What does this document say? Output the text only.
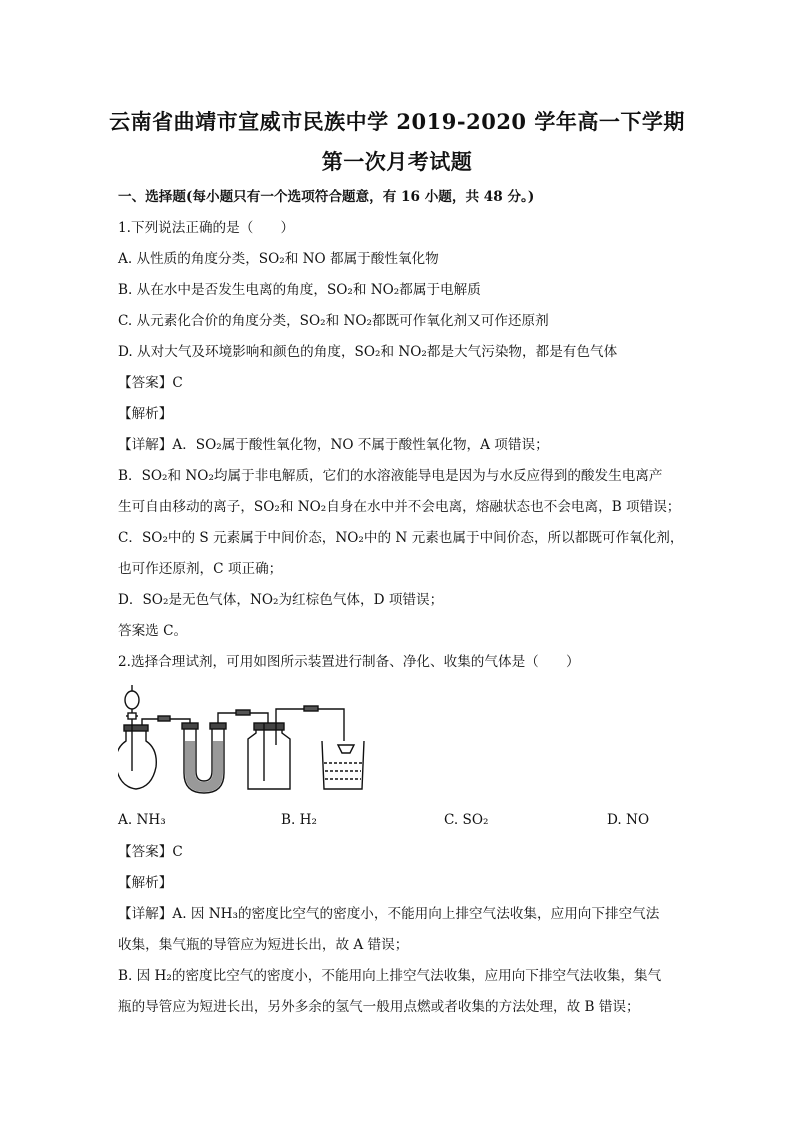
云南省曲靖市宣威市民族中学 2019-2020 学年高一下学期
第一次月考试题
一、选择题(每小题只有一个选项符合题意，有 16 小题，共 48 分。)
1.下列说法正确的是（　　）
A. 从性质的角度分类，SO₂和 NO 都属于酸性氧化物
B. 从在水中是否发生电离的角度，SO₂和 NO₂都属于电解质
C. 从元素化合价的角度分类，SO₂和 NO₂都既可作氧化剂又可作还原剂
D. 从对大气及环境影响和颜色的角度，SO₂和 NO₂都是大气污染物，都是有色气体
【答案】C
【解析】
【详解】A．SO₂属于酸性氧化物，NO 不属于酸性氧化物，A 项错误；
B．SO₂和 NO₂均属于非电解质，它们的水溶液能导电是因为与水反应得到的酸发生电离产
生可自由移动的离子，SO₂和 NO₂自身在水中并不会电离，熔融状态也不会电离，B 项错误；
C．SO₂中的 S 元素属于中间价态，NO₂中的 N 元素也属于中间价态，所以都既可作氧化剂，
也可作还原剂，C 项正确；
D．SO₂是无色气体，NO₂为红棕色气体，D 项错误；
答案选 C。
2.选择合理试剂，可用如图所示装置进行制备、净化、收集的气体是（　　）
A. NH₃	B. H₂	C. SO₂	D. NO
【答案】C
【解析】
【详解】A. 因 NH₃的密度比空气的密度小，不能用向上排空气法收集，应用向下排空气法
收集，集气瓶的导管应为短进长出，故 A 错误；
B. 因 H₂的密度比空气的密度小，不能用向上排空气法收集，应用向下排空气法收集，集气
瓶的导管应为短进长出，另外多余的氢气一般用点燃或者收集的方法处理，故 B 错误；
